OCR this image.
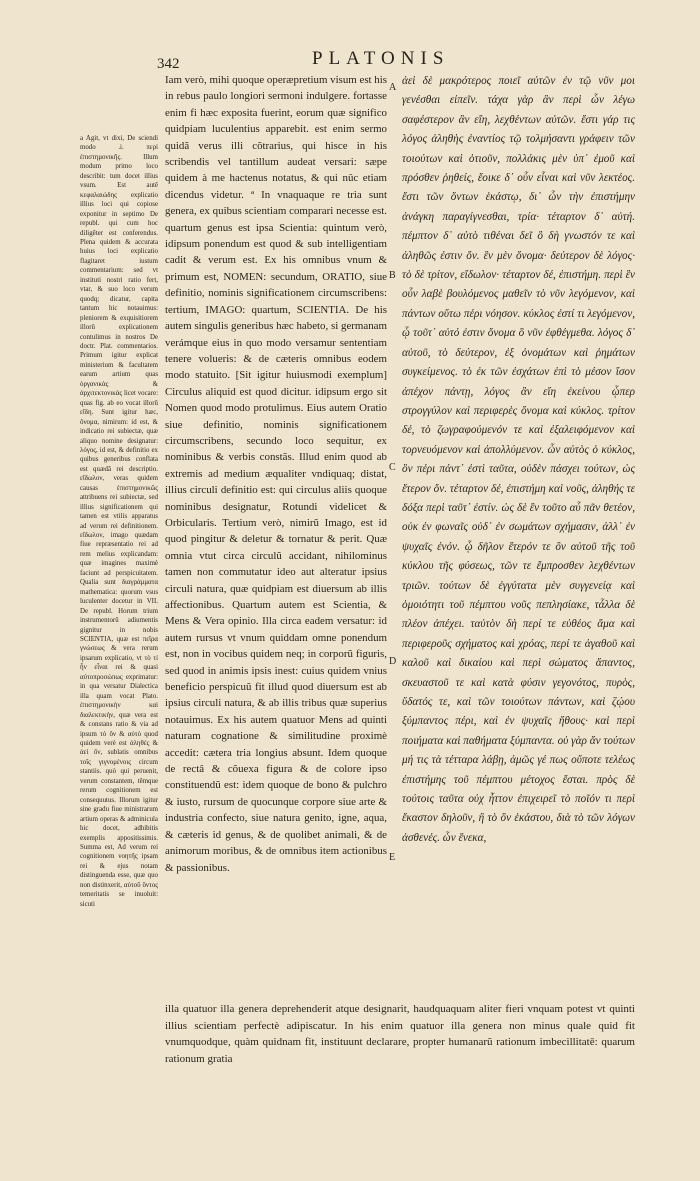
342	PLATONIS

a Agit, vt dixi, De sciendi modo .i. περὶ ἐπιστημονικῆς. Illum modum primo loco describit: tum docet illius vsum. Est autē κεφαλαιώδης explicatio illius loci qui copiose exponitur in septimo De republ. qui cum hoc diligēter est conferendus. Plena quidem & accurata huius loci explicatio flagitaret iustum commentarium: sed vt instituti nostri ratio fert, vtar, & suo loco verum quodq; dicatur, capita tantum hic notauimus: pleniorem & exquisitiorem illorũ explicationem contulimus in nostros De doctr. Plat. commentarios. Primum igitur explicat ministerium & facultatem earum artium quas ὀργανικὰς & ἀρχιτεκτονικὰς licet vocare: quas fig. ab eo vocat illorũ εἴδη. Sunt igitur hæc, ὄνομα, nimirum: id est, & indicatio rei subiectæ, quæ aliquo nomine designatur: λόγος, id est, & definitio ex quibus generibus conflata est quædā rei descriptio. εἴδωλον, veras quidem causas ἐπιστημονικῶς attribuens rei subiectæ, sed illius significationem qui tamen est vtilis apparatus ad verum rei definitionem. εἴδωλον, imago quædam fiue repræsentatio rei ad rem melius explicandam: quæ imagines maximè faciunt ad perspicuitatem. Qualia sunt διαγράμματα mathematica: quorum vsus luculenter docetur in VII. De republ. Horum trium instrumentorũ adiumentis gignitur in nobis SCIENTIA, quæ est πεῖρα γνώσεως & vera rerum ipsarum explicatio, vt τὸ τί ἦν εἶναι rei & quasi αὐτοπροσώπως exprimatur: in qua versatur Dialectica illa quam vocat Plato. ἐπιστημονικὴν καὶ διαλεκτικήν, quæ vera est & constans ratio & via ad ipsum τὸ ὄν & αὐτὸ quod quidem verè est ἀληθὲς & ἀεὶ ὂν, sublatis omnibus τοῖς γιγνομένοις circum stantiis. quò qui peruenit, verum constantem, tēmque rerum cognitionem est consequutus. Illorum igitur sine gradu fiue ministrarum artium operas & adminicula hic docet, adhibitis exemplis appositissimis. Summa est, Ad verum rei cognitionem νοητῆς ipsam rei & ejus notam distinguenda esse, quæ quo non distinxerit, αὐτοῦ ὄντος temeritatis se inuoluit: sicuti

Iam verò, mihi quoque operæpretium visum est his in rebus paulo longiori sermoni indulgere. fortasse enim fi hæc exposita fuerint, eorum quæ significo quidpiam luculentius apparebit. est enim sermo quidã verus illi cõtrarius, qui hisce in his scribendis vel tantillum audeat versari: sæpe quidem à me hactenus notatus, & qui nûc etiam dicendus videtur. ª In vnaquaque re tria sunt genera, ex quibus scientiam comparari necesse est. quartum genus est ipsa Scientia: quintum verò, idipsum ponendum est quod & sub intelligentiam cadit & verum est. Ex his omnibus vnum & primum est, NOMEN: secundum, ORATIO, siue definitio, nominis significationem circumscribens: tertium, IMAGO: quartum, SCIENTIA. De his autem singulis generibus hæc habeto, si germanam verámque eius in quo modo versamur sententiam tenere volueris: & de cæteris omnibus eodem modo statuito. [Sit igitur huiusmodi exemplum] Circulus aliquid est quod dicitur. idipsum ergo sit Nomen quod modo protulimus. Eius autem Oratio siue definitio, nominis significationem circumscribens, secundo loco sequitur, ex nominibus & verbis constãs. Illud enim quod ab extremis ad medium æqualiter vndiquaq; distat, illius circuli definitio est: qui circulus aliis quoque nominibus designatur, Rotundi videlicet & Orbicularis. Tertium verò, nimirũ Imago, est id quod pingitur & deletur & tornatur & perit. Quæ omnia vtut circa circulũ accidant, nihilominus tamen non commutatur ideo aut alteratur ipsius circuli natura, quæ quidpiam est diuersum ab illis affectionibus. Quartum autem est Scientia, & Mens & Vera opinio. Illa circa eadem versatur: id autem rursus vt vnum quiddam omne ponendum est, non in vocibus quidem neq; in corporũ figuris, sed quod in animis ipsis inest: cuius quidem vnius beneficio perspicuũ fit illud quod diuersum est ab ipsius circuli natura, & ab illis tribus quæ superius notauimus. Ex his autem quatuor Mens ad quinti naturam cognatione & similitudine proximè accedit: cætera tria longius absunt. Idem quoque de rectâ & cõuexa figura & de colore ipso constituendũ est: idem quoque de bono & pulchro & iusto, rursum de quocunque corpore siue arte & industria confecto, siue natura genito, igne, aqua, & cæteris id genus, & de quolibet animali, & de animorum moribus, & de omnibus item actionibus & passionibus.

A
B
C
D
E

ἀεὶ δὲ μακρότερος ποιεῖ αὐτῶν ἐν τῷ νῦν μοι γενέσθαι εἰπεῖν. τάχα γὰρ ἂν περὶ ὧν λέγω σαφέστερον ἂν εἴη, λεχθέντων αὐτῶν. ἔστι γάρ τις λόγος ἀληθὴς ἐναντίος τῷ τολμήσαντι γράφειν τῶν τοιούτων καὶ ὁτιοῦν, πολλάκις μὲν ὑπ᾽ ἐμοῦ καὶ πρόσθεν ῥηθείς, ἔοικε δ᾽ οὖν εἶναι καὶ νῦν λεκτέος. ἔστι τῶν ὄντων ἑκάστῳ, δι᾽ ὧν τὴν ἐπιστήμην ἀνάγκη παραγίγνεσθαι, τρία· τέταρτον δ᾽ αὐτή. πέμπτον δ᾽ αὐτὸ τιθέναι δεῖ ὃ δὴ γνωστόν τε καὶ ἀληθῶς ἐστιν ὄν. ἓν μὲν ὄνομα· δεύτερον δὲ λόγος· τὸ δὲ τρίτον, εἴδωλον· τέταρτον δέ, ἐπιστήμη. περὶ ἓν οὖν λαβὲ βουλόμενος μαθεῖν τὸ νῦν λεγόμενον, καὶ πάντων οὕτω πέρι νόησον. κύκλος ἐστί τι λεγόμενον, ᾧ τοῦτ᾽ αὐτό ἐστιν ὄνομα ὃ νῦν ἐφθέγμεθα. λόγος δ᾽ αὐτοῦ, τὸ δεύτερον, ἐξ ὀνομάτων καὶ ῥημάτων συγκείμενος. τὸ ἐκ τῶν ἐσχάτων ἐπὶ τὸ μέσον ἴσον ἀπέχον πάντῃ, λόγος ἂν εἴη ἐκείνου ᾧπερ στρογγύλον καὶ περιφερὲς ὄνομα καὶ κύκλος. τρίτον δέ, τὸ ζωγραφούμενόν τε καὶ ἐξαλειφόμενον καὶ τορνευόμενον καὶ ἀπολλύμενον. ὧν αὐτὸς ὁ κύκλος, ὃν πέρι πάντ᾽ ἐστὶ ταῦτα, οὐδὲν πάσχει τούτων, ὡς ἕτερον ὄν. τέταρτον δέ, ἐπιστήμη καὶ νοῦς, ἀληθής τε δόξα περὶ ταῦτ᾽ ἐστίν. ὡς δὲ ἓν τοῦτο αὖ πᾶν θετέον, οὐκ ἐν φωναῖς οὐδ᾽ ἐν σωμάτων σχήμασιν, ἀλλ᾽ ἐν ψυχαῖς ἐνόν. ᾧ δῆλον ἕτερόν τε ὂν αὐτοῦ τῆς τοῦ κύκλου τῆς φύσεως, τῶν τε ἔμπροσθεν λεχθέντων τριῶν. τούτων δὲ ἐγγύτατα μὲν συγγενείᾳ καὶ ὁμοιότητι τοῦ πέμπτου νοῦς πεπλησίακε, τἆλλα δὲ πλέον ἀπέχει. ταὐτὸν δὴ περί τε εὐθέος ἅμα καὶ περιφεροῦς σχήματος καὶ χρόας, περί τε ἀγαθοῦ καὶ καλοῦ καὶ δικαίου καὶ περὶ σώματος ἅπαντος, σκευαστοῦ τε καὶ κατὰ φύσιν γεγονότος, πυρὸς, ὕδατός τε, καὶ τῶν τοιούτων πάντων, καὶ ζῴου ξύμπαντος πέρι, καὶ ἐν ψυχαῖς ἤθους· καὶ περὶ ποιήματα καὶ παθήματα ξύμπαντα. οὐ γὰρ ἄν τούτων μή τις τὰ τέτταρα λάβῃ, ἀμῶς γέ πως οὔποτε τελέως ἐπιστήμης τοῦ πέμπτου μέτοχος ἔσται. πρὸς δὲ τούτοις ταῦτα οὐχ ἧττον ἐπιχειρεῖ τὸ ποῖόν τι περὶ ἕκαστον δηλοῦν, ἢ τὸ ὂν ἑκάστου, διὰ τὸ τῶν λόγων ἀσθενές. ὧν ἕνεκα,

illa quatuor illa genera deprehenderit atque designarit, haudquaquam aliter fieri vnquam potest vt quinti illius scientiam perfectè adipiscatur. In his enim quatuor illa genera non minus quale quid fit vnumquodque, quàm quidnam fit, instituunt declarare, propter humanarũ rationum imbecillitatē: quarum rationum gratia
